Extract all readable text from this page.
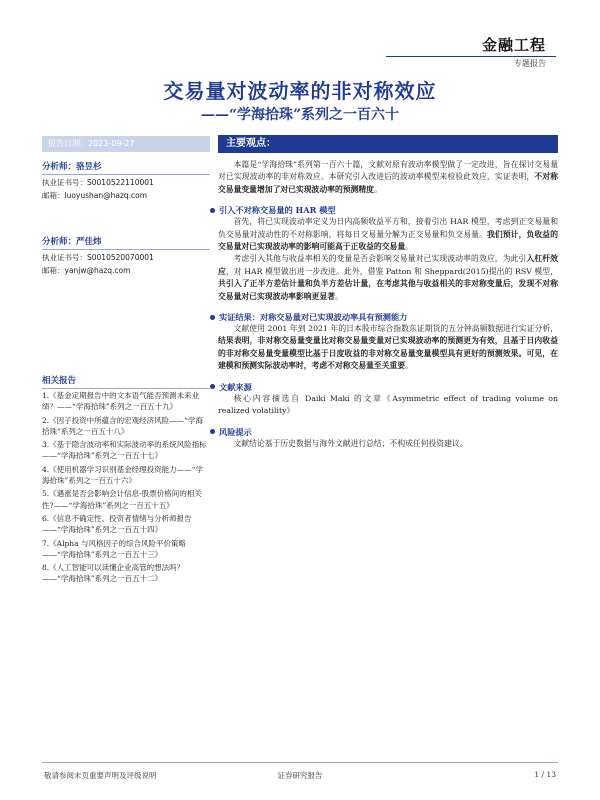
金融工程
专题报告
交易量对波动率的非对称效应
——“学海拾珠”系列之一百六十
报告日期：2023-09-27
分析师：骆昱杉
执业证书号：S0010522110001
邮箱：luoyushan@hazq.com
分析师：严佳炜
执业证书号：S0010520070001
邮箱：yanjw@hazq.com
相关报告
1.《基金定期报告中的文本语气能否预测未来业绩？——“学海拾珠”系列之一百五十九》
2.《因子投资中所蕴含的宏观经济风险——“学海拾珠”系列之一百五十八》
3.《基于隐含波动率和实际波动率的系统风险指标——“学海拾珠”系列之一百五十七》
4.《使用机器学习识别基金经理投资能力——“学海拾珠”系列之一百五十六》
5.《遇涨是否会影响会计信息-股票价格间的相关性?——“学海拾珠”系列之一百五十五》
6.《信息不确定性、投资者情绪与分析师报告——“学海拾珠”系列之一百五十四》
7.《Alpha 与风格因子的综合风险平价策略——“学海拾珠”系列之一百五十三》
8.《人工智能可以读懂企业高管的想法吗？——“学海拾珠”系列之一百五十二》
主要观点：

本篇是“学海拾珠”系列第一百六十篇，文献对原有波动率模型做了一定改进，旨在探讨交易量对已实现波动率的非对称效应。本研究引入改进后的波动率模型来检验此效应，实证表明，不对称交易量变量增加了对已实现波动率的预测精度。

引入不对称交易量的 HAR 模型

首先，将已实现波动率定义为日内高频收益平方和，接着引出 HAR 模型，考虑到正交易量和负交易量对波动性的不对称影响，将每日交易量分解为正交易量和负交易量。我们预计，负收益的交易量对已实现波动率的影响可能高于正收益的交易量。

考虑引入其他与收益率相关的变量是否会影响交易量对已实现波动率的效应，为此引入杠杆效应，对 HAR 模型做出进一步改进。此外，借鉴 Patton 和 Sheppard(2015)提出的 RSV 模型，共引入了正半方差估计量和负半方差估计量，在考虑其他与收益相关的非对称变量后，发现不对称交易量对已实现波动率影响更显著。

实证结果：对称交易量对已实现波动率具有预测能力

文献使用 2001 年到 2021 年的日本股市综合指数东证期货的五分钟高频数据进行实证分析，结果表明，非对称交易量变量比对称交易量变量对已实现波动率的预测更为有效，且基于日内收益的非对称交易量变量模型比基于日度收益的非对称交易量变量模型具有更好的预测效果。可见，在建模和预测实际波动率时，考虑不对称交易量至关重要。

文献来源

核心内容摘选自 Daiki Maki 的文章《Asymmetric effect of trading volume on realized volatility》

风险提示

文献结论基于历史数据与海外文献进行总结；不构成任何投资建议。

敬请参阅末页重要声明及评级说明	证券研究报告	1 / 13
